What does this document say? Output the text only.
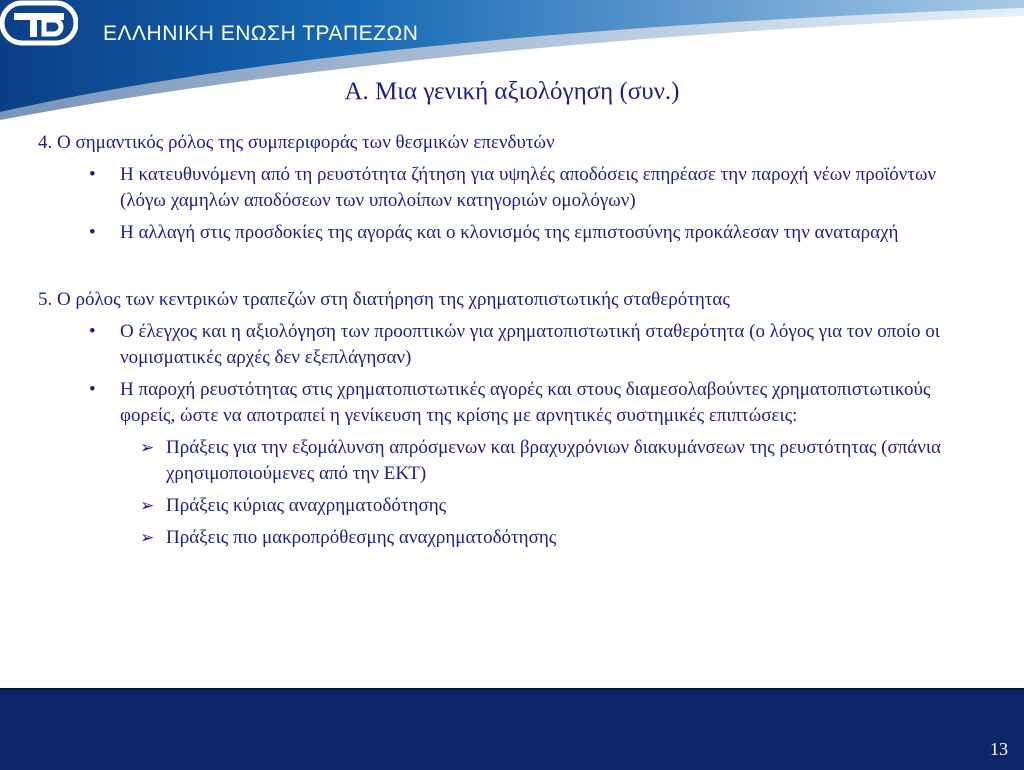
ΕΛΛΗΝΙΚΗ ΕΝΩΣΗ ΤΡΑΠΕΖΩΝ
Α. Μια γενική αξιολόγηση (συν.)
4. Ο σημαντικός ρόλος της συμπεριφοράς των θεσμικών επενδυτών
• Η κατευθυνόμενη από τη ρευστότητα ζήτηση για υψηλές αποδόσεις επηρέασε την παροχή νέων προϊόντων (λόγω χαμηλών αποδόσεων των υπολοίπων κατηγοριών ομολόγων)
• Η αλλαγή στις προσδοκίες της αγοράς και ο κλονισμός της εμπιστοσύνης προκάλεσαν την αναταραχή
5. Ο ρόλος των κεντρικών τραπεζών στη διατήρηση της χρηματοπιστωτικής σταθερότητας
• Ο έλεγχος και η αξιολόγηση των προοπτικών για χρηματοπιστωτική σταθερότητα (ο λόγος για τον οποίο οι νομισματικές αρχές δεν εξεπλάγησαν)
• Η παροχή ρευστότητας στις χρηματοπιστωτικές αγορές και στους διαμεσολαβούντες χρηματοπιστωτικούς φορείς, ώστε να αποτραπεί η γενίκευση της κρίσης με αρνητικές συστημικές επιπτώσεις:
➢ Πράξεις για την εξομάλυνση απρόσμενων και βραχυχρόνιων διακυμάνσεων της ρευστότητας (σπάνια χρησιμοποιούμενες από την ΕΚΤ)
➢ Πράξεις κύριας αναχρηματοδότησης
➢ Πράξεις πιο μακροπρόθεσμης αναχρηματοδότησης
13
